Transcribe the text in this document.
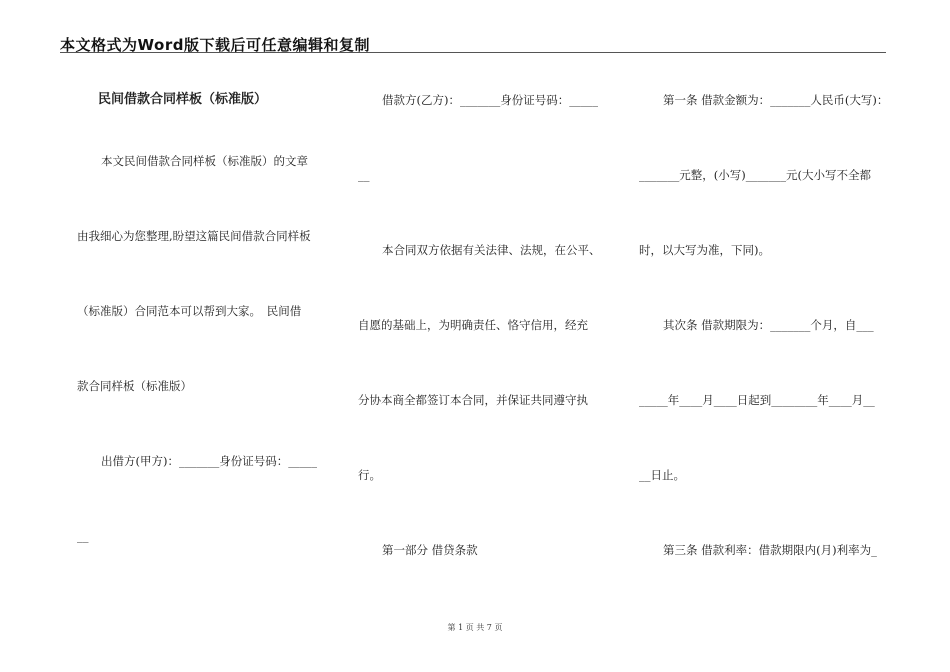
本文格式为Word版下载后可任意编辑和复制
民间借款合同样板（标准版）
本文民间借款合同样板（标准版）的文章
由我细心为您整理,盼望这篇民间借款合同样板
（标准版）合同范本可以帮到大家。　民间借
款合同样板（标准版）
出借方(甲方)：_______身份证号码：_____
__
借款方(乙方)：_______身份证号码：_____
__
本合同双方依据有关法律、法规，在公平、
自愿的基础上，为明确责任、恪守信用，经充
分协本商全都签订本合同，并保证共同遵守执
行。
第一部分 借贷条款
第一条 借款金额为：_______人民币(大写)：
_______元整，(小写)_______元(大小写不全都
时，以大写为准，下同)。
其次条 借款期限为：_______个月，自___
_____年____月____日起到________年____月__
__日止。
第三条 借款利率：借款期限内(月)利率为_
第 1 页 共 7 页
